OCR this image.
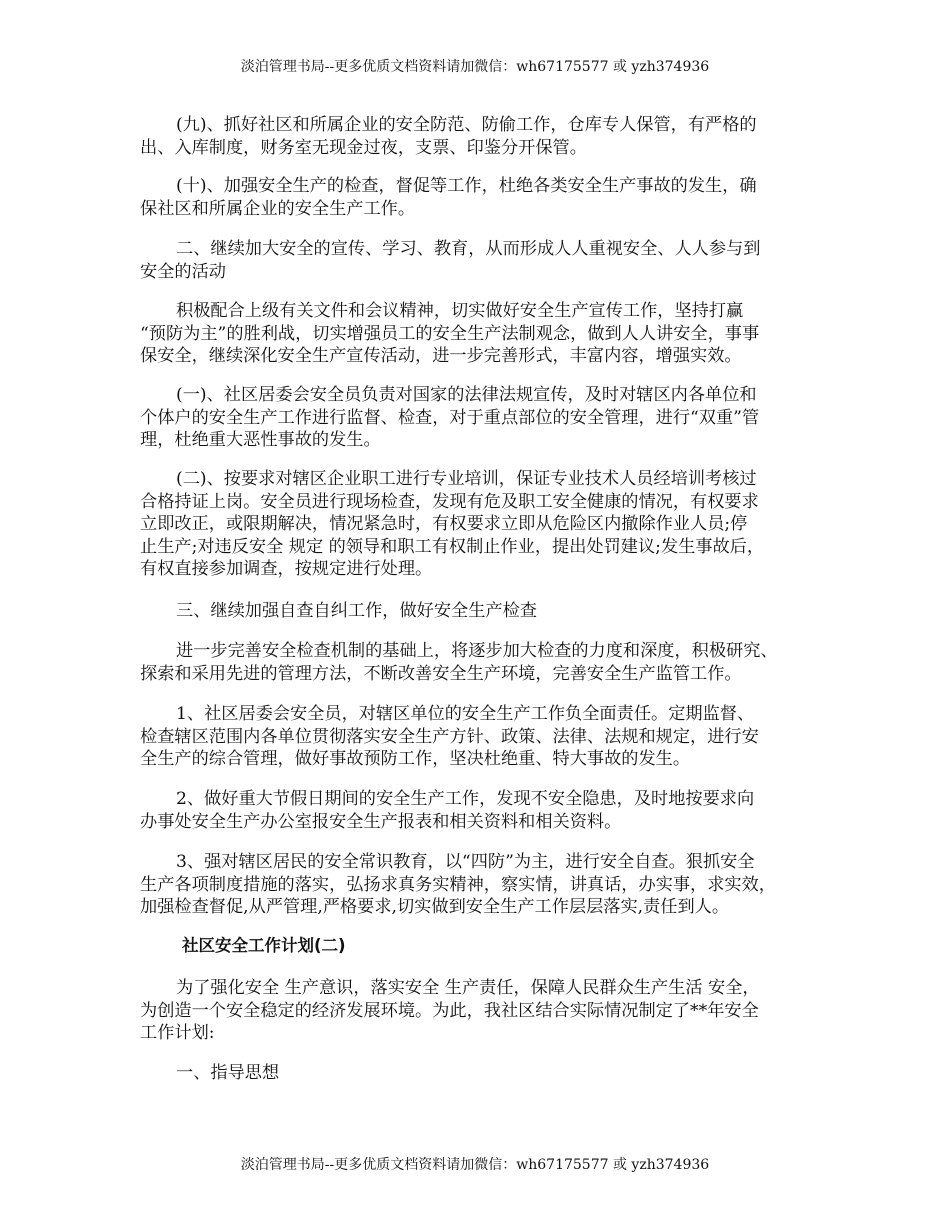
淡泊管理书局--更多优质文档资料请加微信：wh67175577 或 yzh374936
(九)、抓好社区和所属企业的安全防范、防偷工作，仓库专人保管，有严格的
出、入库制度，财务室无现金过夜，支票、印鉴分开保管。
(十)、加强安全生产的检查，督促等工作，杜绝各类安全生产事故的发生，确
保社区和所属企业的安全生产工作。
二、继续加大安全的宣传、学习、教育，从而形成人人重视安全、人人参与到
安全的活动
积极配合上级有关文件和会议精神，切实做好安全生产宣传工作，坚持打赢
“预防为主”的胜利战，切实增强员工的安全生产法制观念，做到人人讲安全，事事
保安全，继续深化安全生产宣传活动，进一步完善形式，丰富内容，增强实效。
(一)、社区居委会安全员负责对国家的法律法规宣传，及时对辖区内各单位和
个体户的安全生产工作进行监督、检查，对于重点部位的安全管理，进行“双重”管
理，杜绝重大恶性事故的发生。
(二)、按要求对辖区企业职工进行专业培训，保证专业技术人员经培训考核过
合格持证上岗。安全员进行现场检查，发现有危及职工安全健康的情况，有权要求
立即改正，或限期解决，情况紧急时，有权要求立即从危险区内撤除作业人员;停
止生产;对违反安全 规定 的领导和职工有权制止作业，提出处罚建议;发生事故后，
有权直接参加调查，按规定进行处理。
三、继续加强自查自纠工作，做好安全生产检查
进一步完善安全检查机制的基础上，将逐步加大检查的力度和深度，积极研究、
探索和采用先进的管理方法，不断改善安全生产环境，完善安全生产监管工作。
1、社区居委会安全员，对辖区单位的安全生产工作负全面责任。定期监督、
检查辖区范围内各单位贯彻落实安全生产方针、政策、法律、法规和规定，进行安
全生产的综合管理，做好事故预防工作，坚决杜绝重、特大事故的发生。
2、做好重大节假日期间的安全生产工作，发现不安全隐患，及时地按要求向
办事处安全生产办公室报安全生产报表和相关资料和相关资料。
3、强对辖区居民的安全常识教育，以“四防”为主，进行安全自查。狠抓安全
生产各项制度措施的落实，弘扬求真务实精神，察实情，讲真话，办实事，求实效，
加强检查督促,从严管理,严格要求,切实做到安全生产工作层层落实,责任到人。
社区安全工作计划(二)
为了强化安全 生产意识，落实安全 生产责任，保障人民群众生产生活 安全，
为创造一个安全稳定的经济发展环境。为此，我社区结合实际情况制定了**年安全
工作计划:
一、指导思想
淡泊管理书局--更多优质文档资料请加微信：wh67175577 或 yzh374936
